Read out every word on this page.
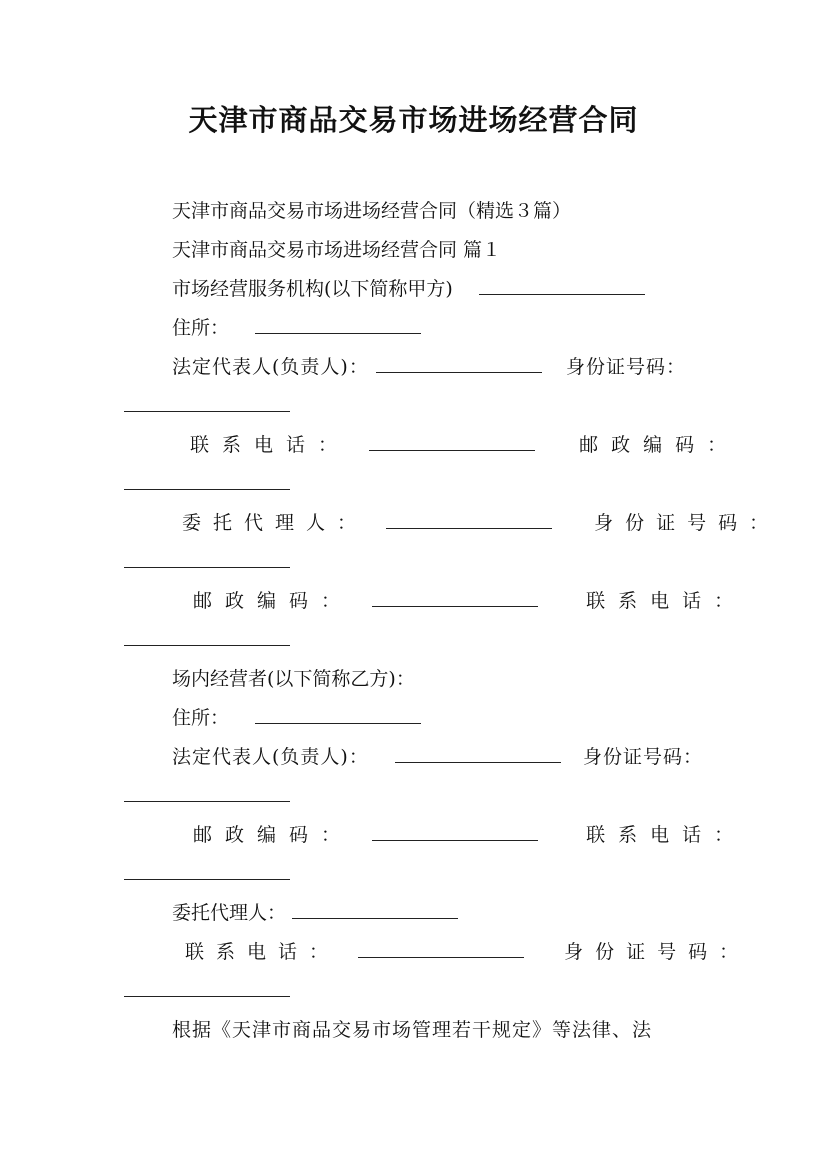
天津市商品交易市场进场经营合同
天津市商品交易市场进场经营合同（精选３篇）
天津市商品交易市场进场经营合同 篇１
市场经营服务机构(以下简称甲方)
住所：
法定代表人(负责人)：	身份证号码：
联系电话：	邮政编码：
委托代理人：	身份证号码：
邮政编码：	联系电话：
场内经营者(以下简称乙方)：
住所：
法定代表人(负责人)：	身份证号码：
邮政编码：	联系电话：
委托代理人：
联系电话：	身份证号码：
根据《天津市商品交易市场管理若干规定》等法律、法
